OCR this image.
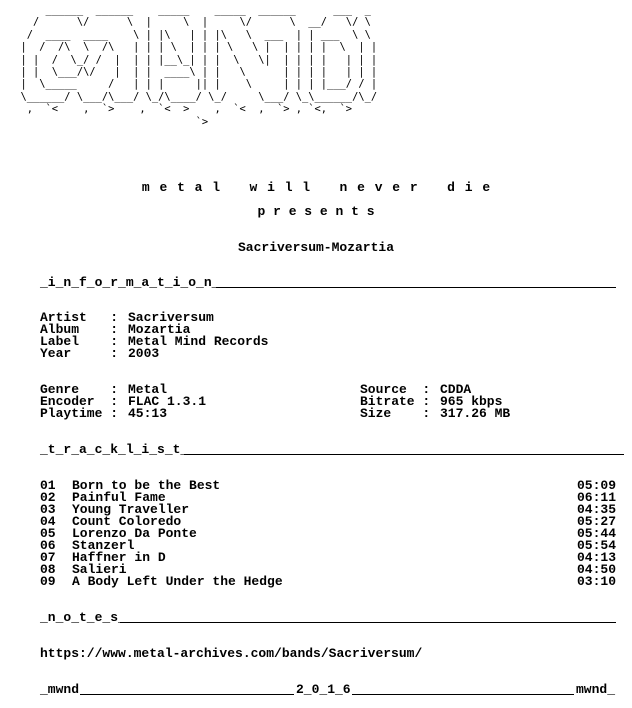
______  ______    _____    _____  ______      ___  _
/      \/      \  |     \  |     \/      \  __/   \/ \
/  ____  ____    \ | |\   | | |\   \  ___  | | ___  \ \
|  /  /\  \  /\   | | | \  | | | \   \ |  | | | |  \  | |
| |  /  \_/ /  |  | | |__\_| | |  \   \|  | | | |   | | |
| |  \___/\/   |  | |  ____\ | |   \      | | | |   | | |
|  \_____     /   | | |     || |    \     | | | |___/ / |
\______/ \___/\___/ \_/\____/ \_/     \___/ \_\______/\_/
,  `<    ,  `>    ,  `<  >    ,  `<  ,  `> , `<,  `>
`>
m e t a l   w i l l   n e v e r   d i e
p r e s e n t s
Sacriversum-Mozartia
_i_n_f_o_r_m_a_t_i_o_n_
Artist   : Sacriversum
Album    : Mozartia
Label    : Metal Mind Records
Year     : 2003
Genre    : Metal
Encoder  : FLAC 1.3.1
Playtime : 45:13
Source  : CDDA
Bitrate : 965 kbps
Size    : 317.26 MB
_t_r_a_c_k_l_i_s_t_
01 Born to be the Best	05:09
02 Painful Fame	06:11
03 Young Traveller	04:35
04 Count Coloredo	05:27
05 Lorenzo Da Ponte	05:44
06 Stanzerl	05:54
07 Haffner in D	04:13
08 Salieri	04:50
09 A Body Left Under the Hedge	03:10
_n_o_t_e_s_
https://www.metal-archives.com/bands/Sacriversum/
_mwnd	2_0_1_6	mwnd_
